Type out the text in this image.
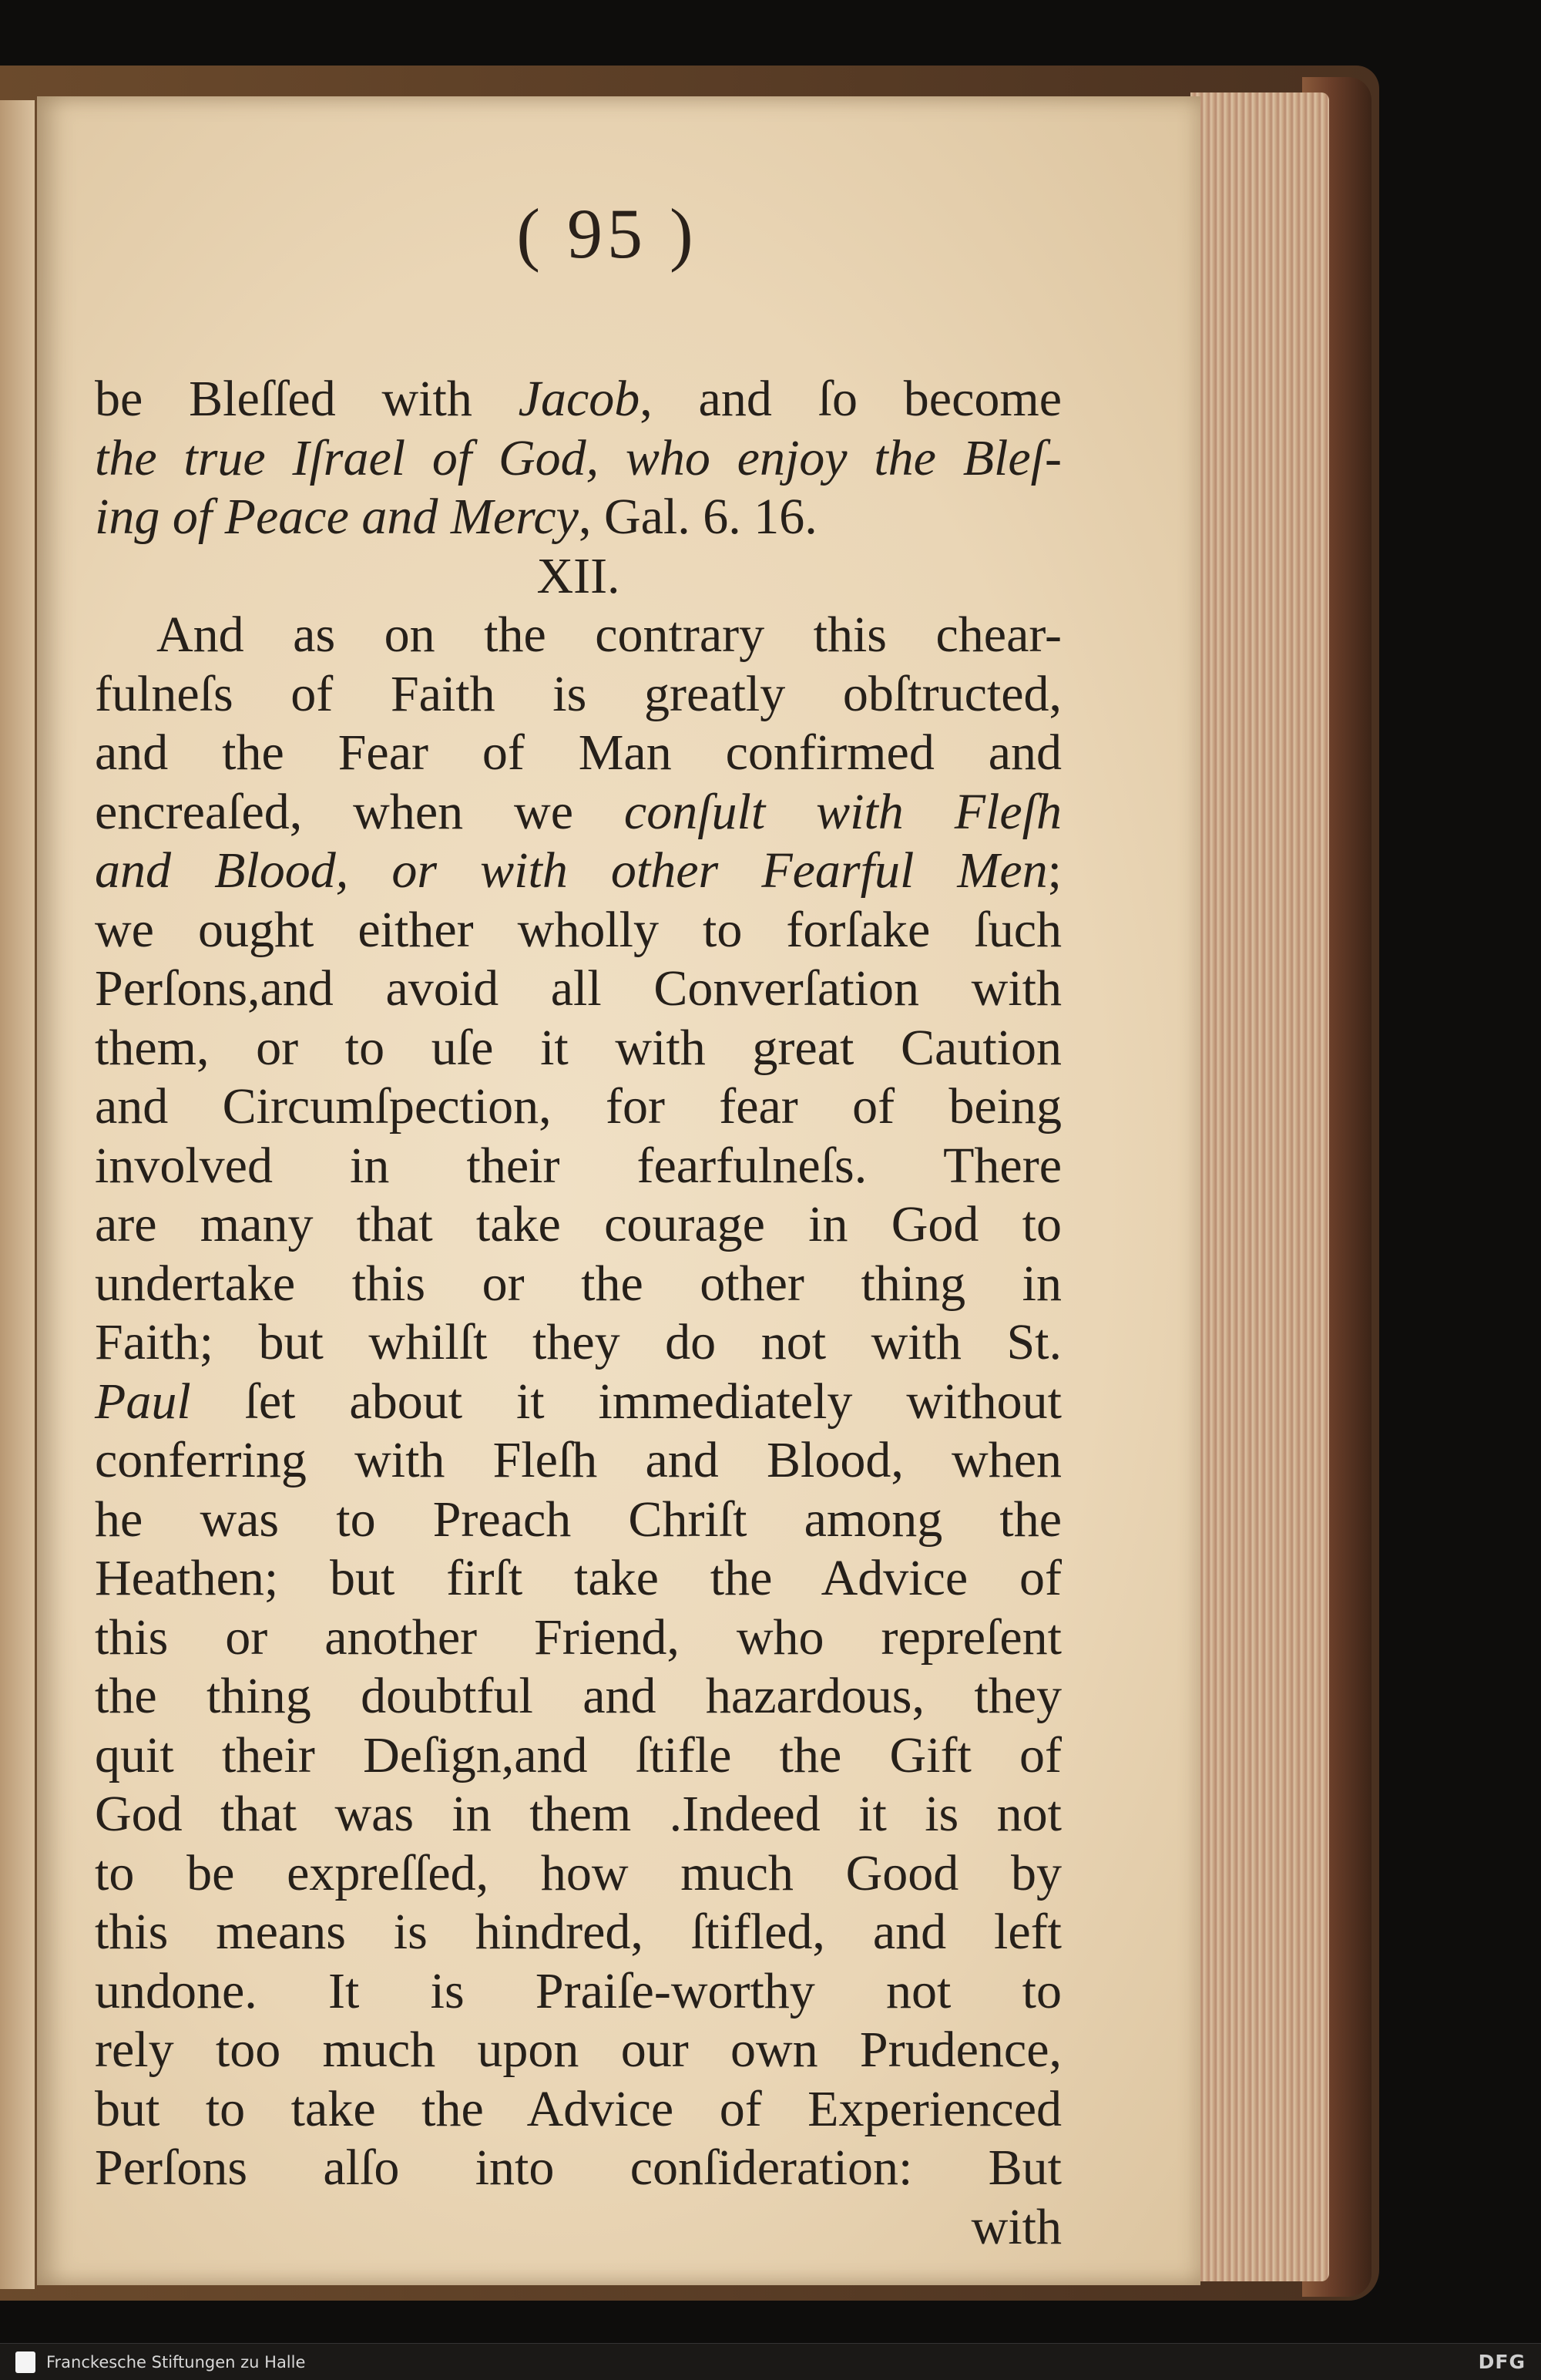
( 95 )
be Bleſſed with Jacob, and ſo become
the true Iſrael of God, who enjoy the Bleſ-
ing of Peace and Mercy, Gal. 6. 16.
XII.
And as on the contrary this chear-
fulneſs of Faith is greatly obſtructed,
and the Fear of Man confirmed and
encreaſed, when we conſult with Fleſh
and Blood, or with other Fearful Men;
we ought either wholly to forſake ſuch
Perſons,and avoid all Converſation with
them, or to uſe it with great Caution
and Circumſpection, for fear of being
involved in their fearfulneſs. There
are many that take courage in God to
undertake this or the other thing in
Faith; but whilſt they do not with St.
Paul ſet about it immediately without
conferring with Fleſh and Blood, when
he was to Preach Chriſt among the
Heathen; but firſt take the Advice of
this or another Friend, who repreſent
the thing doubtful and hazardous, they
quit their Deſign,and ſtifle the Gift of
God that was in them .Indeed it is not
to be expreſſed, how much Good by
this means is hindred, ſtifled, and left
undone. It is Praiſe-worthy not to
rely too much upon our own Prudence,
but to take the Advice of Experienced
Perſons alſo into conſideration: But
with
Franckesche Stiftungen zu Halle	DFG
